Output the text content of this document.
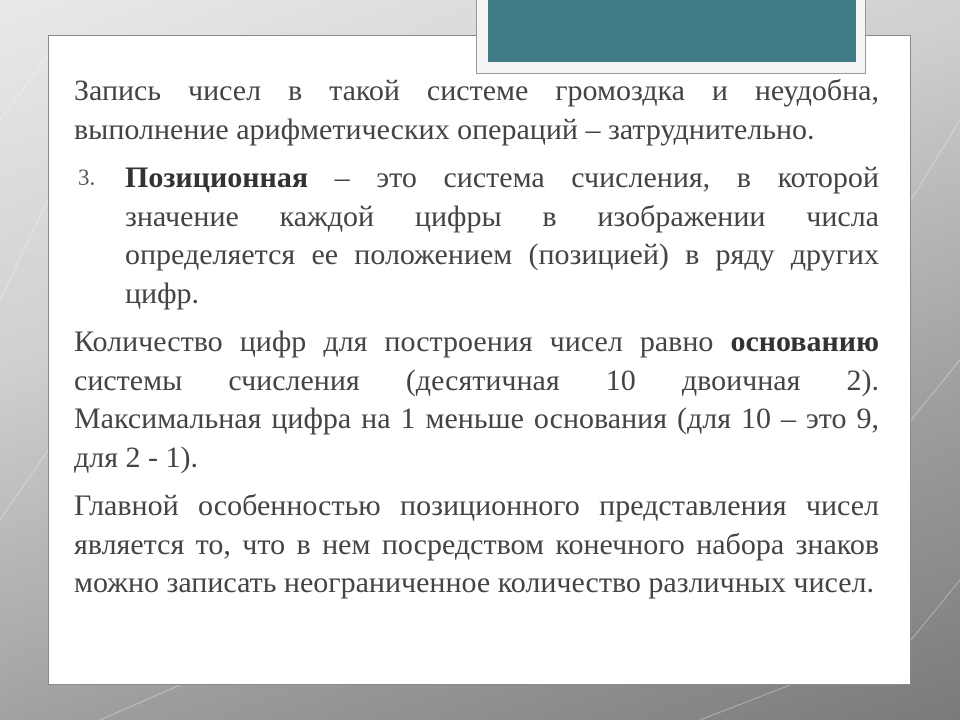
Запись чисел в такой системе громоздка и неудобна, выполнение арифметических операций – затруднительно.

3. Позиционная – это система счисления, в которой значение каждой цифры в изображении числа определяется ее положением (позицией) в ряду других цифр.

Количество цифр для построения чисел равно основанию системы счисления (десятичная 10 двоичная 2). Максимальная цифра на 1 меньше основания (для 10 – это 9, для 2 - 1).

Главной особенностью позиционного представления чисел является то, что в нем посредством конечного набора знаков можно записать неограниченное количество различных чисел.
